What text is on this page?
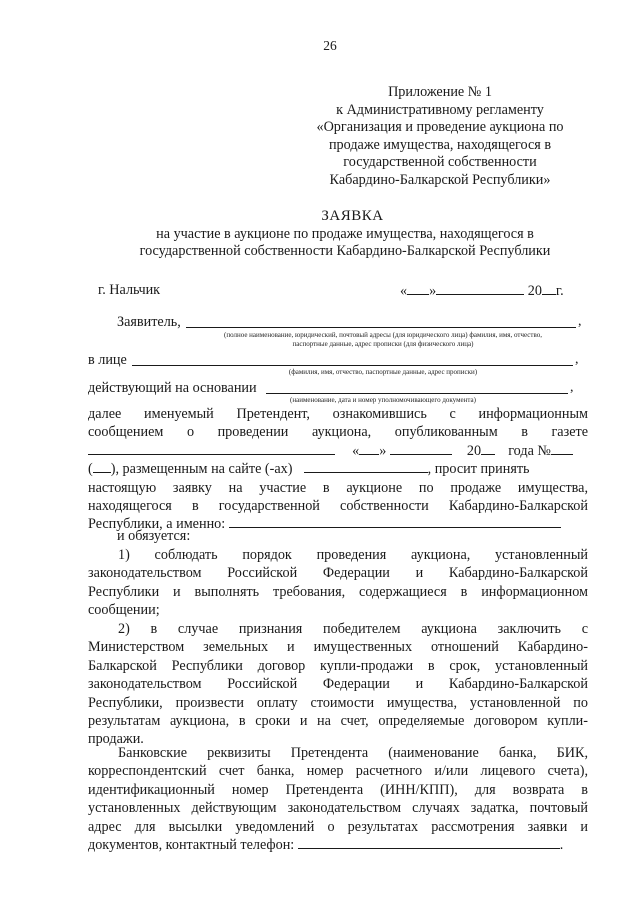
26
Приложение № 1
к Административному регламенту
«Организация и проведение аукциона по
продаже имущества, находящегося в
государственной собственности
Кабардино-Балкарской Республики»
ЗАЯВКА
на участие в аукционе по продаже имущества, находящегося в
государственной собственности Кабардино-Балкарской Республики
г. Нальчик	« »	20 г.
Заявитель,	,
(полное наименование, юридический, почтовый адресы (для юридического лица) фамилия, имя, отчество,
паспортные данные, адрес прописки (для физического лица)
в лице	,
(фамилия, имя, отчество, паспортные данные, адрес прописки)
действующий на основании	,
(наименование, дата и номер уполномочивающего документа)
далее именуемый Претендент, ознакомившись с информационным
сообщением о проведении аукциона, опубликованным в газете
« »	20 года №
( ), размещенным на сайте (-ах)	, просит принять
настоящую заявку на участие в аукционе по продаже имущества,
находящегося в государственной собственности Кабардино-Балкарской
Республики, а именно:
и обязуется:
1) соблюдать порядок проведения аукциона, установленный
законодательством Российской Федерации и Кабардино-Балкарской
Республики и выполнять требования, содержащиеся в информационном
сообщении;
2) в случае признания победителем аукциона заключить с
Министерством земельных и имущественных отношений Кабардино-
Балкарской Республики договор купли-продажи в срок, установленный
законодательством Российской Федерации и Кабардино-Балкарской
Республики, произвести оплату стоимости имущества, установленной по
результатам аукциона, в сроки и на счет, определяемые договором купли-
продажи.
Банковские реквизиты Претендента (наименование банка, БИК,
корреспондентский счет банка, номер расчетного и/или лицевого счета),
идентификационный номер Претендента (ИНН/КПП), для возврата в
установленных действующим законодательством случаях задатка, почтовый
адрес для высылки уведомлений о результатах рассмотрения заявки и
документов, контактный телефон:	.
